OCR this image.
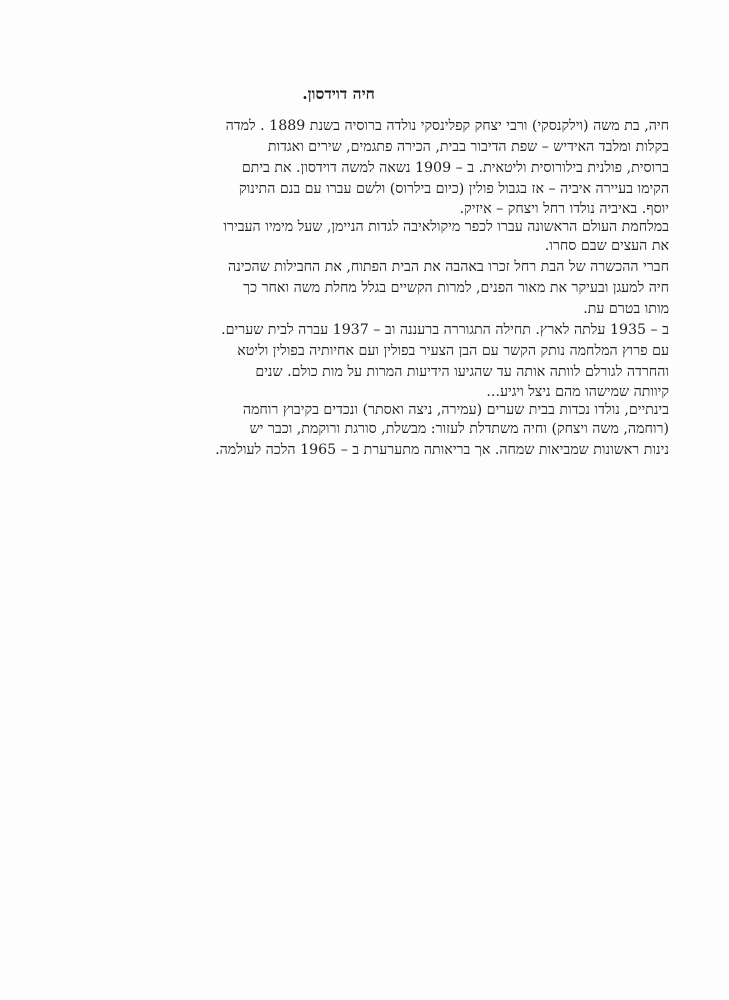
חיה דוידסון.
חיה, בת משה (וילקנסקי) ורבי יצחק קפלינסקי נולדה ברוסיה בשנת 1889 . למדה
בקלות ומלבד האידיש – שפת הדיבור בבית, הכירה פתגמים, שירים ואגדות
ברוסית, פולנית בילורוסית וליטאית. ב – 1909 נשאה למשה דוידסון. את ביתם
הקימו בעיירה איביה – אז בגבול פולין (כיום בילרוס) ולשם עברו עם בנם התינוק
יוסף. באיביה נולדו רחל ויצחק – איזיק.
במלחמת העולם הראשונה עברו לכפר מיקולאיבה לגדות הניימן, שעל מימיו העבירו
את העצים שבם סחרו.
חברי ההכשרה של הבת רחל זכרו באהבה את הבית הפתוח, את החבילות שהכינה
חיה למעגן ובעיקר את מאור הפנים, למרות הקשיים בגלל מחלת משה ואחר כך
מותו בטרם עת.
ב – 1935 עלתה לארץ. תחילה התגוררה ברעננה וב – 1937 עברה לבית שערים.
עם פרוץ המלחמה נותק הקשר עם הבן הצעיר בפולין ועם אחיותיה בפולין וליטא
והחרדה לגורלם לוותה אותה עד שהגיעו הידיעות המרות על מות כולם. שנים
קיוותה שמישהו מהם ניצל ויגיע...
בינתיים, נולדו נכדות בבית שערים (עמירה, ניצה ואסתר) ונכדים בקיבוץ רוחמה
(רוחמה, משה ויצחק) וחיה משתדלת לעזור: מבשלת, סורגת ורוקמת, וכבר יש
נינות ראשונות שמביאות שמחה. אך בריאותה מתערערת ב – 1965 הלכה לעולמה.
